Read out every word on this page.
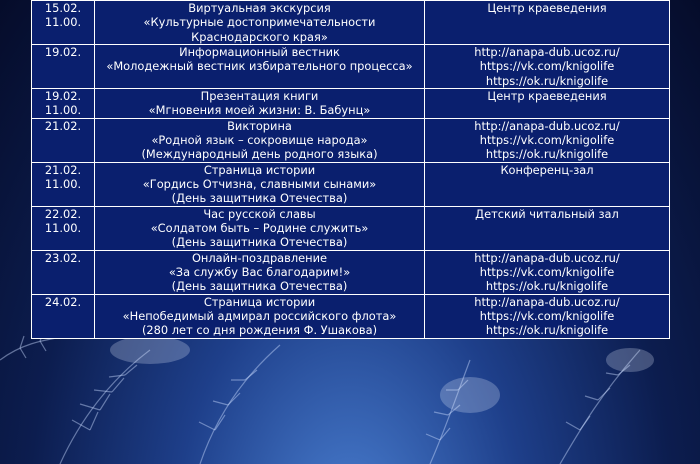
15.02.
11.00.	Виртуальная экскурсия
«Культурные достопримечательности
Краснодарского края»	Центр краеведения

19.02.	Информационный вестник
«Молодежный вестник избирательного процесса»	http://anapa-dub.ucoz.ru/
https://vk.com/knigolife
https://ok.ru/knigolife

19.02.
11.00.	Презентация книги
«Мгновения моей жизни: В. Бабунц»	Центр краеведения

21.02.	Викторина
«Родной язык – сокровище народа»
(Международный день родного языка)	http://anapa-dub.ucoz.ru/
https://vk.com/knigolife
https://ok.ru/knigolife

21.02.
11.00.	Страница истории
«Гордись Отчизна, славными сынами»
(День защитника Отечества)	Конференц-зал

22.02.
11.00.	Час русской славы
«Солдатом быть – Родине служить»
(День защитника Отечества)	Детский читальный зал

23.02.	Онлайн-поздравление
«За службу Вас благодарим!»
(День защитника Отечества)	http://anapa-dub.ucoz.ru/
https://vk.com/knigolife
https://ok.ru/knigolife

24.02.	Страница истории
«Непобедимый адмирал российского флота»
(280 лет со дня рождения Ф. Ушакова)	http://anapa-dub.ucoz.ru/
https://vk.com/knigolife
https://ok.ru/knigolife
